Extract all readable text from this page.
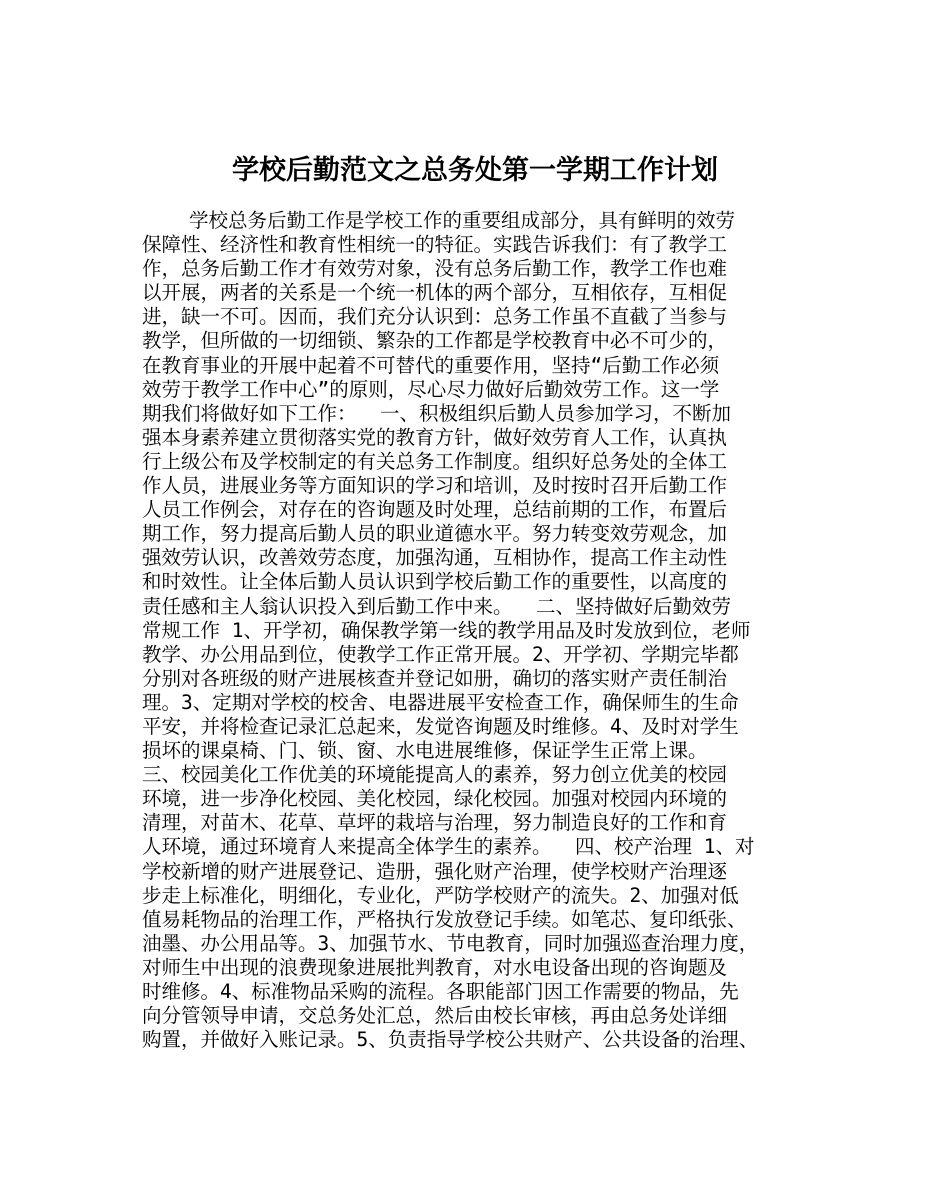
学校后勤范文之总务处第一学期工作计划
学校总务后勤工作是学校工作的重要组成部分，具有鲜明的效劳
保障性、经济性和教育性相统一的特征。实践告诉我们：有了教学工
作，总务后勤工作才有效劳对象，没有总务后勤工作，教学工作也难
以开展，两者的关系是一个统一机体的两个部分，互相依存，互相促
进，缺一不可。因而，我们充分认识到：总务工作虽不直截了当参与
教学，但所做的一切细锁、繁杂的工作都是学校教育中必不可少的，
在教育事业的开展中起着不可替代的重要作用，坚持“后勤工作必须
效劳于教学工作中心”的原则，尽心尽力做好后勤效劳工作。这一学
期我们将做好如下工作：  一、积极组织后勤人员参加学习，不断加
强本身素养建立贯彻落实党的教育方针，做好效劳育人工作，认真执
行上级公布及学校制定的有关总务工作制度。组织好总务处的全体工
作人员，进展业务等方面知识的学习和培训，及时按时召开后勤工作
人员工作例会，对存在的咨询题及时处理，总结前期的工作，布置后
期工作，努力提高后勤人员的职业道德水平。努力转变效劳观念，加
强效劳认识，改善效劳态度，加强沟通，互相协作，提高工作主动性
和时效性。让全体后勤人员认识到学校后勤工作的重要性，以高度的
责任感和主人翁认识投入到后勤工作中来。  二、坚持做好后勤效劳
常规工作 1、开学初，确保教学第一线的教学用品及时发放到位，老师
教学、办公用品到位，使教学工作正常开展。2、开学初、学期完毕都
分别对各班级的财产进展核查并登记如册，确切的落实财产责任制治
理。3、定期对学校的校舍、电器进展平安检查工作，确保师生的生命
平安，并将检查记录汇总起来，发觉咨询题及时维修。4、及时对学生
损坏的课桌椅、门、锁、窗、水电进展维修，保证学生正常上课。
三、校园美化工作优美的环境能提高人的素养，努力创立优美的校园
环境，进一步净化校园、美化校园，绿化校园。加强对校园内环境的
清理，对苗木、花草、草坪的栽培与治理，努力制造良好的工作和育
人环境，通过环境育人来提高全体学生的素养。  四、校产治理 1、对
学校新增的财产进展登记、造册，强化财产治理，使学校财产治理逐
步走上标准化，明细化，专业化，严防学校财产的流失。2、加强对低
值易耗物品的治理工作，严格执行发放登记手续。如笔芯、复印纸张、
油墨、办公用品等。3、加强节水、节电教育，同时加强巡查治理力度，
对师生中出现的浪费现象进展批判教育，对水电设备出现的咨询题及
时维修。4、标准物品采购的流程。各职能部门因工作需要的物品，先
向分管领导申请，交总务处汇总，然后由校长审核，再由总务处详细
购置，并做好入账记录。5、负责指导学校公共财产、公共设备的治理、
